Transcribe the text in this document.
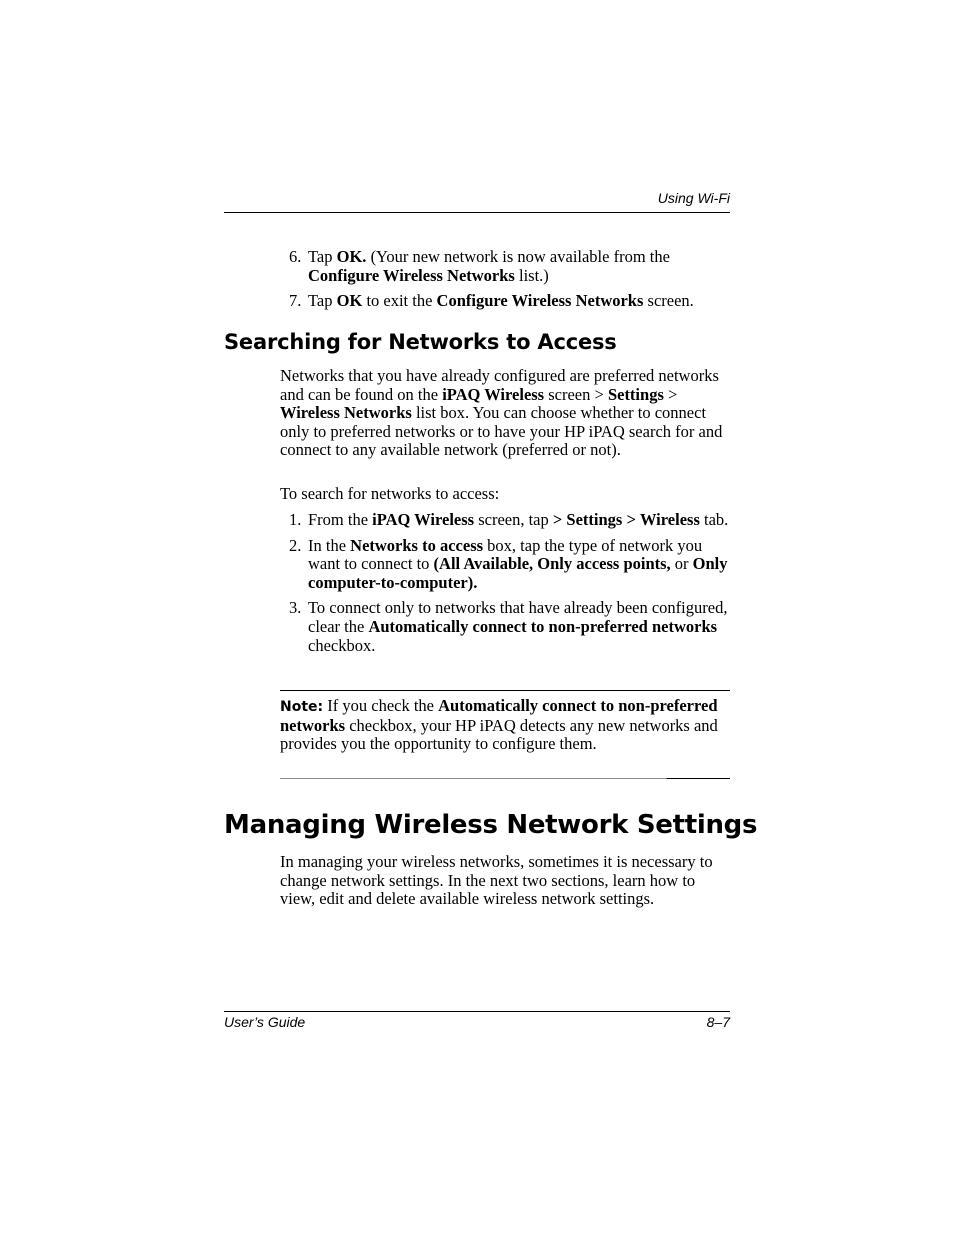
Using Wi-Fi
6. Tap OK. (Your new network is now available from the Configure Wireless Networks list.)
7. Tap OK to exit the Configure Wireless Networks screen.
Searching for Networks to Access

Networks that you have already configured are preferred networks and can be found on the iPAQ Wireless screen > Settings > Wireless Networks list box. You can choose whether to connect only to preferred networks or to have your HP iPAQ search for and connect to any available network (preferred or not).

To search for networks to access:

1. From the iPAQ Wireless screen, tap > Settings > Wireless tab.
2. In the Networks to access box, tap the type of network you want to connect to (All Available, Only access points, or Only computer-to-computer).
3. To connect only to networks that have already been configured, clear the Automatically connect to non-preferred networks checkbox.

Note: If you check the Automatically connect to non-preferred networks checkbox, your HP iPAQ detects any new networks and provides you the opportunity to configure them.

Managing Wireless Network Settings

In managing your wireless networks, sometimes it is necessary to change network settings. In the next two sections, learn how to view, edit and delete available wireless network settings.

User’s Guide	8–7
